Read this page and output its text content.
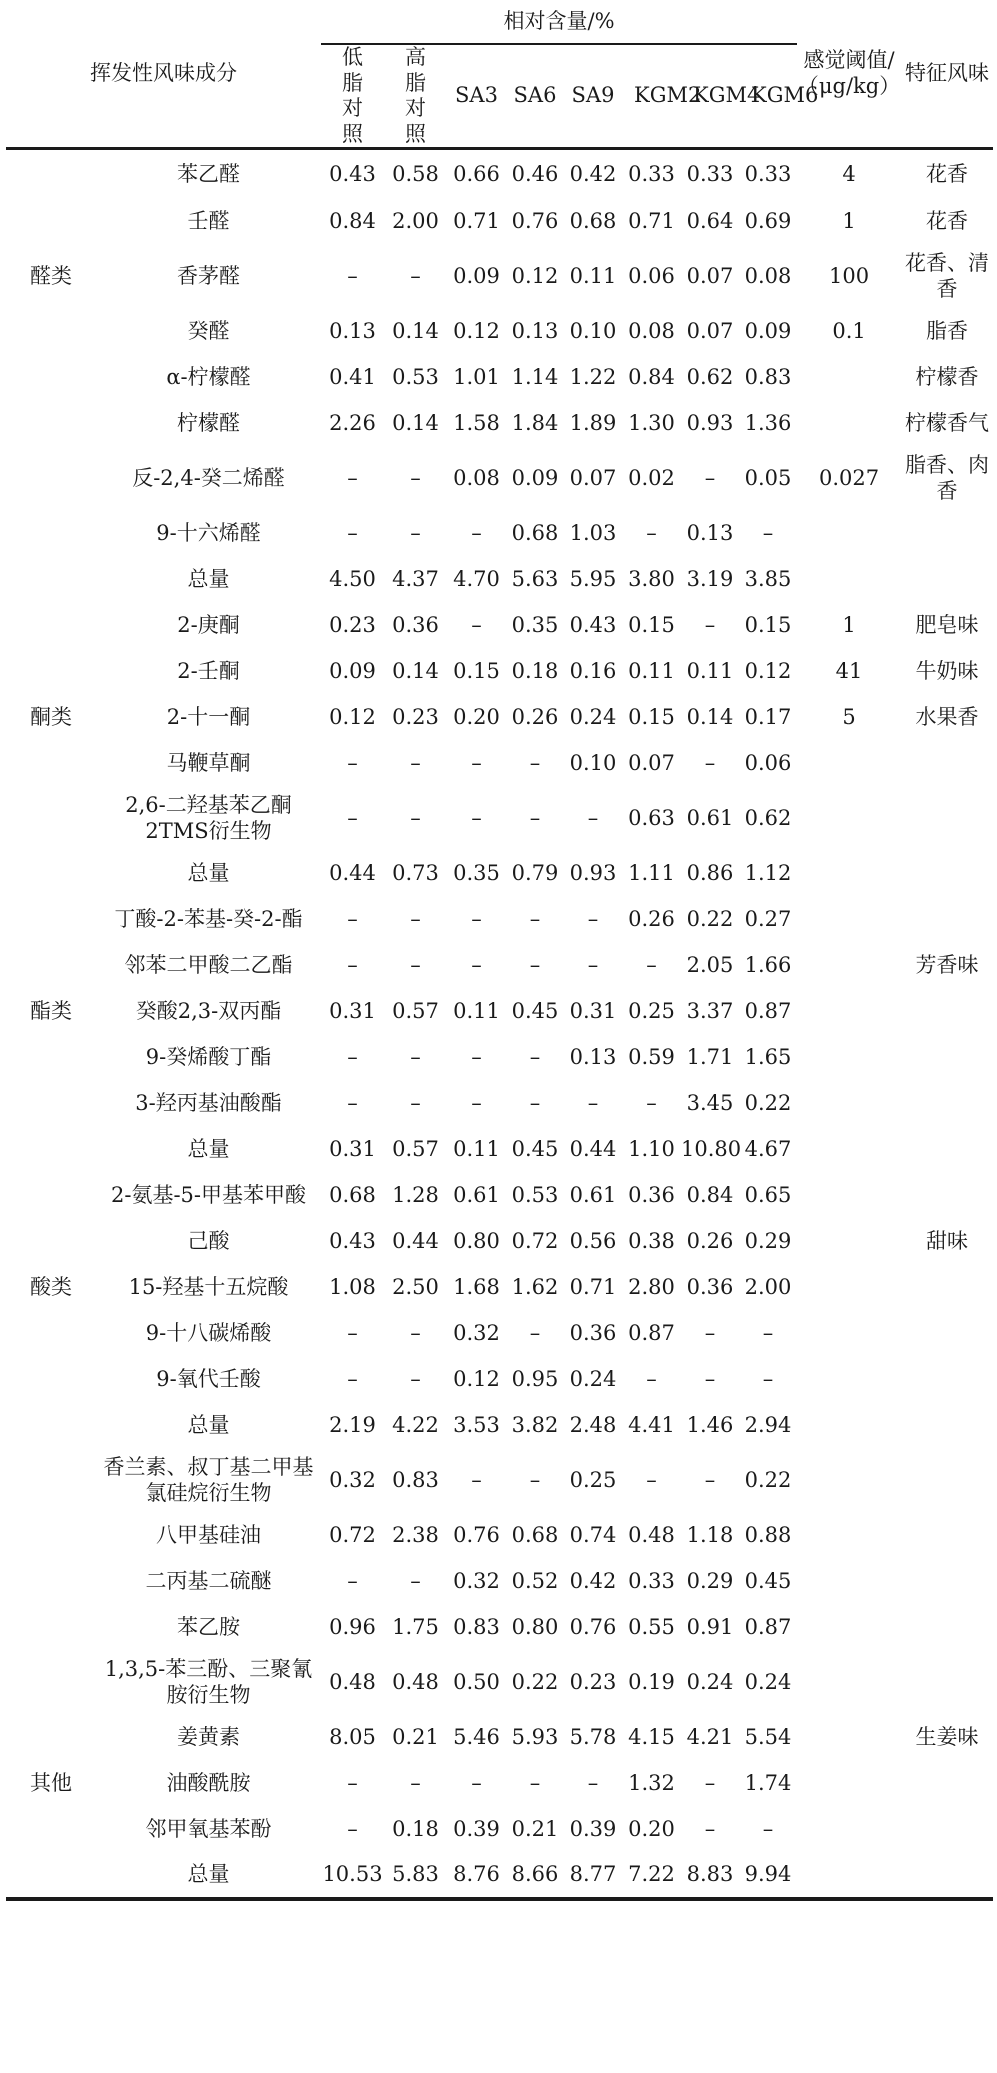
挥发性风味成分		相对含量/%								感觉阈值/（μg/kg）	特征风味
		低脂对照	高脂对照	SA3	SA6	SA9	KGM2	KGM4	KGM6		
	苯乙醛	0.43	0.58	0.66	0.46	0.42	0.33	0.33	0.33	4	花香
	壬醛	0.84	2.00	0.71	0.76	0.68	0.71	0.64	0.69	1	花香
醛类	香茅醛	–	–	0.09	0.12	0.11	0.06	0.07	0.08	100	花香、清香
	癸醛	0.13	0.14	0.12	0.13	0.10	0.08	0.07	0.09	0.1	脂香
	α-柠檬醛	0.41	0.53	1.01	1.14	1.22	0.84	0.62	0.83		柠檬香
	柠檬醛	2.26	0.14	1.58	1.84	1.89	1.30	0.93	1.36		柠檬香气
	反-2,4-癸二烯醛	–	–	0.08	0.09	0.07	0.02	–	0.05	0.027	脂香、肉香
	9-十六烯醛	–	–	–	0.68	1.03	–	0.13	–		
	总量	4.50	4.37	4.70	5.63	5.95	3.80	3.19	3.85		
	2-庚酮	0.23	0.36	–	0.35	0.43	0.15	–	0.15	1	肥皂味
	2-壬酮	0.09	0.14	0.15	0.18	0.16	0.11	0.11	0.12	41	牛奶味
酮类	2-十一酮	0.12	0.23	0.20	0.26	0.24	0.15	0.14	0.17	5	水果香
	马鞭草酮	–	–	–	–	0.10	0.07	–	0.06		
	2,6-二羟基苯乙酮2TMS衍生物	–	–	–	–	–	0.63	0.61	0.62		
	总量	0.44	0.73	0.35	0.79	0.93	1.11	0.86	1.12		
	丁酸-2-苯基-癸-2-酯	–	–	–	–	–	0.26	0.22	0.27		
	邻苯二甲酸二乙酯	–	–	–	–	–	–	2.05	1.66		芳香味
酯类	癸酸2,3-双丙酯	0.31	0.57	0.11	0.45	0.31	0.25	3.37	0.87		
	9-癸烯酸丁酯	–	–	–	–	0.13	0.59	1.71	1.65		
	3-羟丙基油酸酯	–	–	–	–	–	–	3.45	0.22		
	总量	0.31	0.57	0.11	0.45	0.44	1.10	10.80	4.67		
	2-氨基-5-甲基苯甲酸	0.68	1.28	0.61	0.53	0.61	0.36	0.84	0.65		
	己酸	0.43	0.44	0.80	0.72	0.56	0.38	0.26	0.29		甜味
酸类	15-羟基十五烷酸	1.08	2.50	1.68	1.62	0.71	2.80	0.36	2.00		
	9-十八碳烯酸	–	–	0.32	–	0.36	0.87	–	–		
	9-氧代壬酸	–	–	0.12	0.95	0.24	–	–	–		
	总量	2.19	4.22	3.53	3.82	2.48	4.41	1.46	2.94		
	香兰素、叔丁基二甲基氯硅烷衍生物	0.32	0.83	–	–	0.25	–	–	0.22		
	八甲基硅油	0.72	2.38	0.76	0.68	0.74	0.48	1.18	0.88		
	二丙基二硫醚	–	–	0.32	0.52	0.42	0.33	0.29	0.45		
	苯乙胺	0.96	1.75	0.83	0.80	0.76	0.55	0.91	0.87		
	1,3,5-苯三酚、三聚氰胺衍生物	0.48	0.48	0.50	0.22	0.23	0.19	0.24	0.24		
	姜黄素	8.05	0.21	5.46	5.93	5.78	4.15	4.21	5.54		生姜味
其他	油酸酰胺	–	–	–	–	–	1.32	–	1.74		
	邻甲氧基苯酚	–	0.18	0.39	0.21	0.39	0.20	–	–		
	总量	10.53	5.83	8.76	8.66	8.77	7.22	8.83	9.94		
